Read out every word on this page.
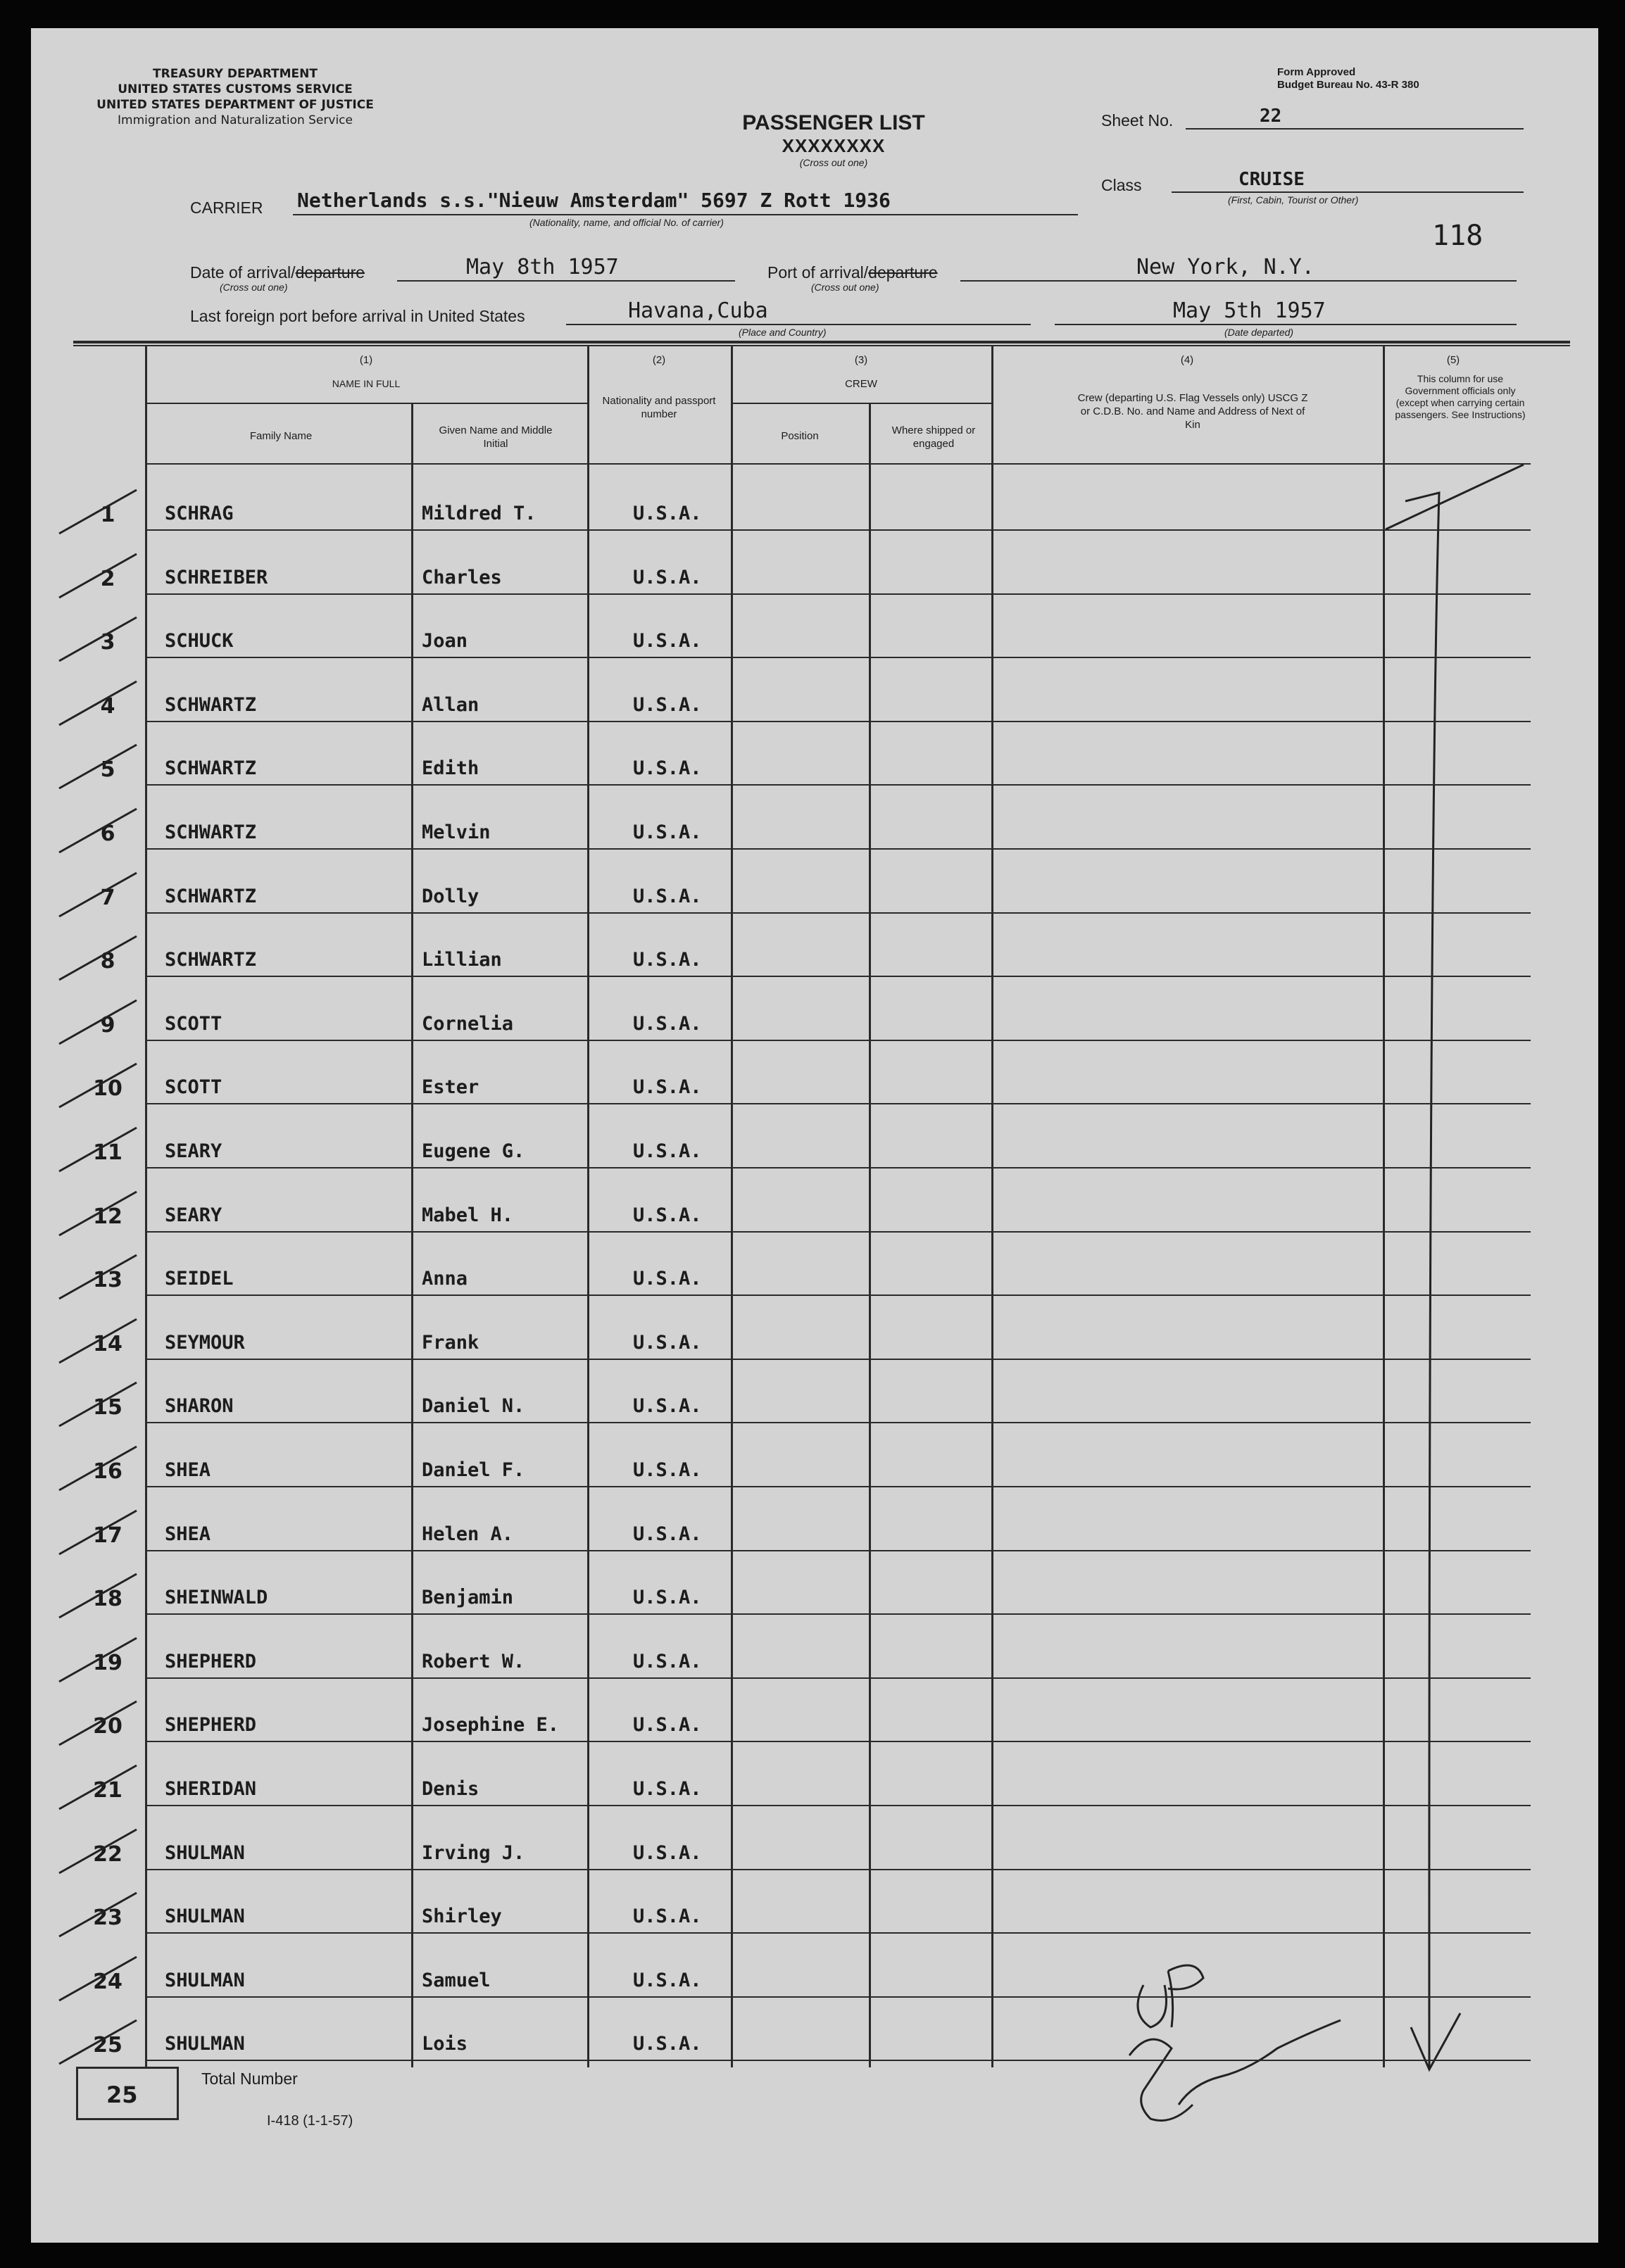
TREASURY DEPARTMENT
UNITED STATES CUSTOMS SERVICE
UNITED STATES DEPARTMENT OF JUSTICE
Immigration and Naturalization Service
Form Approved
Budget Bureau No. 43-R 380
PASSENGER LIST
XXXXXXXX
(Cross out one)
Sheet No.	22
Class	CRUISE
(First, Cabin, Tourist or Other)
118
CARRIER Netherlands s.s."Nieuw Amsterdam" 5697 Z Rott 1936
(Nationality, name, and official No. of carrier)
Date of arrival/departure
(Cross out one)
May 8th 1957	Port of arrival/departure
(Cross out one)
New York, N.Y.
Last foreign port before arrival in United States	Havana,Cuba
(Place and Country)
May 5th 1957
(Date departed)
(1)
NAME IN FULL
Family Name	Given Name and Middle Initial
(2)
Nationality and passport number
(3)
CREW
Position	Where shipped or engaged
(4)
Crew (departing U.S. Flag Vessels only) USCG Z or C.D.B. No. and Name and Address of Next of Kin
(5)
This column for use Government officials only (except when carrying certain passengers. See Instructions)
1	SCHRAG	Mildred T.	U.S.A.
2	SCHREIBER	Charles	U.S.A.
3	SCHUCK	Joan	U.S.A.
4	SCHWARTZ	Allan	U.S.A.
5	SCHWARTZ	Edith	U.S.A.
6	SCHWARTZ	Melvin	U.S.A.
7	SCHWARTZ	Dolly	U.S.A.
8	SCHWARTZ	Lillian	U.S.A.
9	SCOTT	Cornelia	U.S.A.
10	SCOTT	Ester	U.S.A.
11	SEARY	Eugene G.	U.S.A.
12	SEARY	Mabel H.	U.S.A.
13	SEIDEL	Anna	U.S.A.
14	SEYMOUR	Frank	U.S.A.
15	SHARON	Daniel N.	U.S.A.
16	SHEA	Daniel F.	U.S.A.
17	SHEA	Helen A.	U.S.A.
18	SHEINWALD	Benjamin	U.S.A.
19	SHEPHERD	Robert W.	U.S.A.
20	SHEPHERD	Josephine E.	U.S.A.
21	SHERIDAN	Denis	U.S.A.
22	SHULMAN	Irving J.	U.S.A.
23	SHULMAN	Shirley	U.S.A.
24	SHULMAN	Samuel	U.S.A.
25	SHULMAN	Lois	U.S.A.
25
Total Number
I-418 (1-1-57)
